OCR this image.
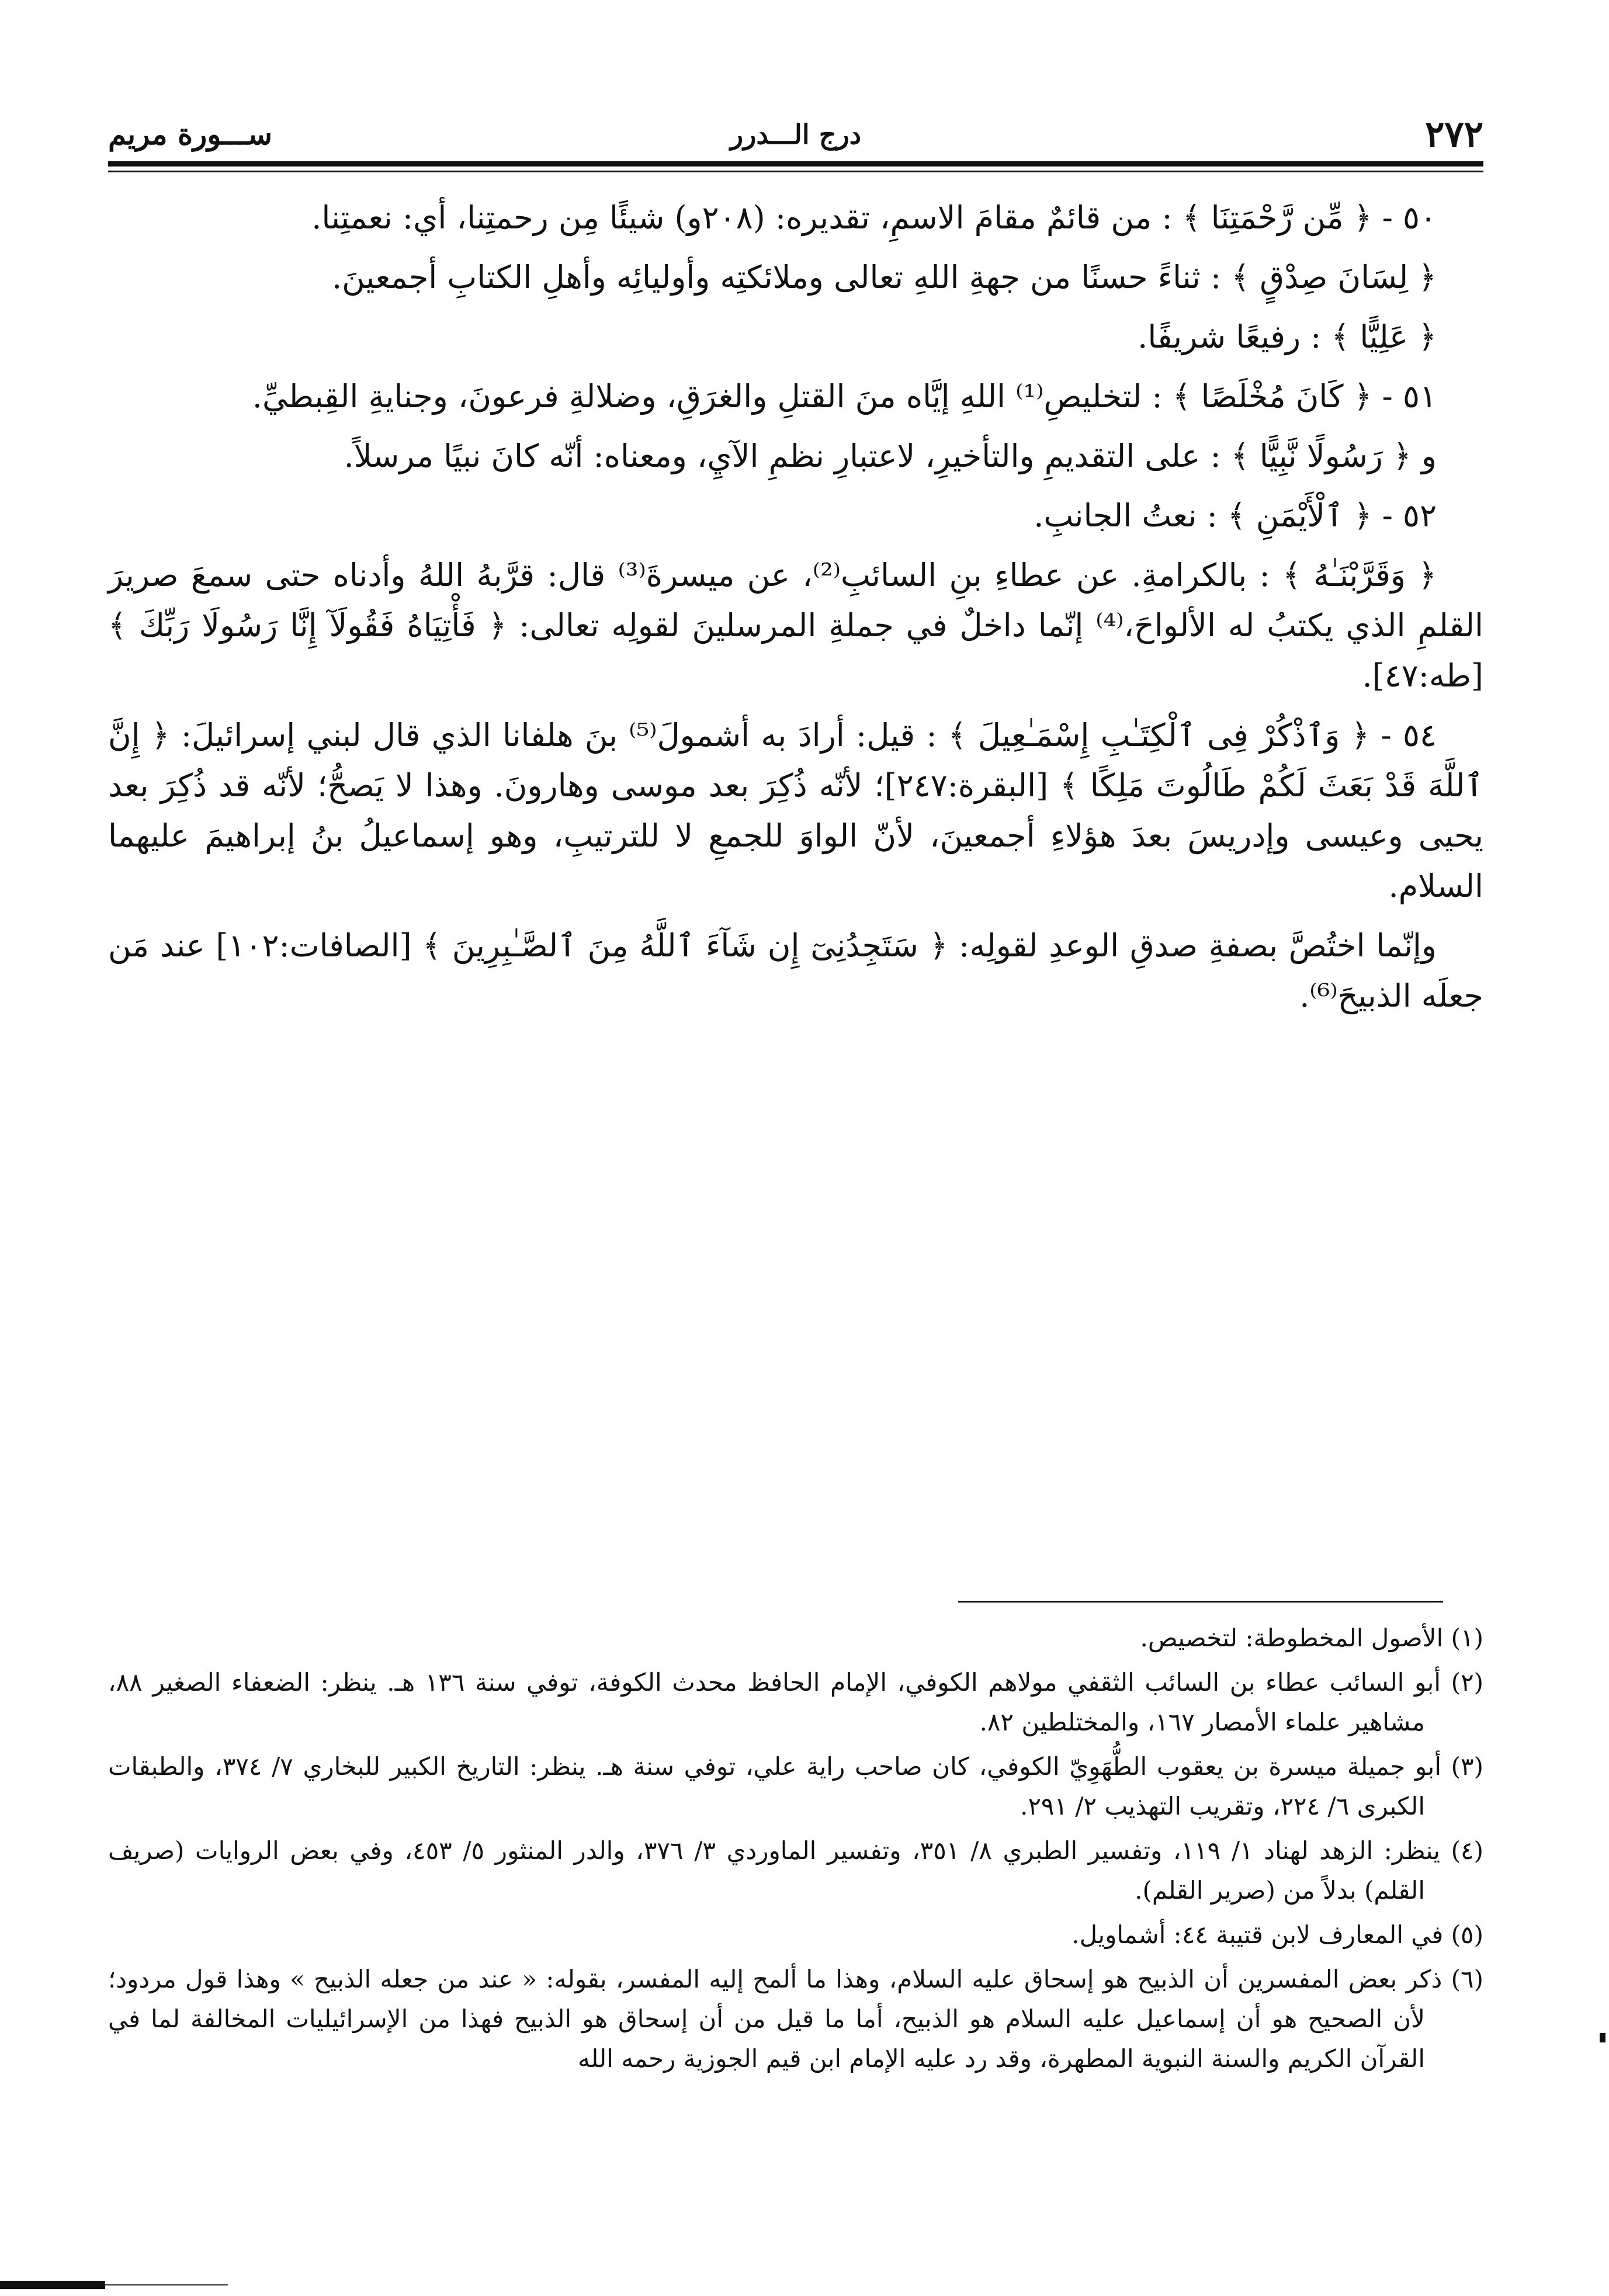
٢٧٢
درج الـــدرر
ســـورة مريم

٥٠ - ﴿ مِّن رَّحْمَتِنَا ﴾ : من قائمٌ مقامَ الاسمِ، تقديره: (٢٠٨و) شيئًا مِن رحمتِنا، أي: نعمتِنا.

﴿ لِسَانَ صِدْقٍ ﴾ : ثناءً حسنًا من جهةِ اللهِ تعالى وملائكتِه وأوليائِه وأهلِ الكتابِ أجمعينَ.

﴿ عَلِيًّا ﴾ : رفيعًا شريفًا.

٥١ - ﴿ كَانَ مُخْلَصًا ﴾ : لتخليصِ⁽¹⁾ اللهِ إيَّاه منَ القتلِ والغرَقِ، وضلالةِ فرعونَ، وجنايةِ القِبطيِّ.

و ﴿ رَسُولًا نَّبِيًّا ﴾ : على التقديمِ والتأخيرِ، لاعتبارِ نظمِ الآيِ، ومعناه: أنّه كانَ نبيًا مرسلاً.

٥٢ - ﴿ ٱلْأَيْمَنِ ﴾ : نعتُ الجانبِ.

﴿ وَقَرَّبْنَـٰهُ ﴾ : بالكرامةِ. عن عطاءِ بنِ السائبِ⁽²⁾، عن ميسرةَ⁽³⁾ قال: قرَّبهُ اللهُ وأدناه حتى سمعَ صريرَ القلمِ الذي يكتبُ له الألواحَ،⁽⁴⁾ إنّما داخلٌ في جملةِ المرسلينَ لقولِه تعالى: ﴿ فَأْتِيَاهُ فَقُولَآ إِنَّا رَسُولَا رَبِّكَ ﴾ [طه:٤٧].

٥٤ - ﴿ وَٱذْكُرْ فِى ٱلْكِتَـٰبِ إِسْمَـٰعِيلَ ﴾ : قيل: أرادَ به أشمولَ⁽⁵⁾ بنَ هلفانا الذي قال لبني إسرائيلَ: ﴿ إِنَّ ٱللَّهَ قَدْ بَعَثَ لَكُمْ طَالُوتَ مَلِكًا ﴾ [البقرة:٢٤٧]؛ لأنّه ذُكِرَ بعد موسى وهارونَ. وهذا لا يَصحُّ؛ لأنّه قد ذُكِرَ بعد يحيى وعيسى وإدريسَ بعدَ هؤلاءِ أجمعينَ، لأنّ الواوَ للجمعِ لا للترتيبِ، وهو إسماعيلُ بنُ إبراهيمَ عليهما السلام.

وإنّما اختُصَّ بصفةِ صدقِ الوعدِ لقولِه: ﴿ سَتَجِدُنِىٓ إِن شَآءَ ٱللَّهُ مِنَ ٱلصَّـٰبِرِينَ ﴾ [الصافات:١٠٢] عند مَن جعلَه الذبيحَ⁽⁶⁾.

(١) الأصول المخطوطة: لتخصيص.

(٢) أبو السائب عطاء بن السائب الثقفي مولاهم الكوفي، الإمام الحافظ محدث الكوفة، توفي سنة ١٣٦ هـ. ينظر: الضعفاء الصغير ٨٨، مشاهير علماء الأمصار ١٦٧، والمختلطين ٨٢.

(٣) أبو جميلة ميسرة بن يعقوب الطُّهَوِيّ الكوفي، كان صاحب راية علي، توفي سنة هـ. ينظر: التاريخ الكبير للبخاري ٧/ ٣٧٤، والطبقات الكبرى ٦/ ٢٢٤، وتقريب التهذيب ٢/ ٢٩١.

(٤) ينظر: الزهد لهناد ١/ ١١٩، وتفسير الطبري ٨/ ٣٥١، وتفسير الماوردي ٣/ ٣٧٦، والدر المنثور ٥/ ٤٥٣، وفي بعض الروايات (صريف القلم) بدلاً من (صرير القلم).

(٥) في المعارف لابن قتيبة ٤٤: أشماويل.

(٦) ذكر بعض المفسرين أن الذبيح هو إسحاق عليه السلام، وهذا ما ألمح إليه المفسر، بقوله: « عند من جعله الذبيح » وهذا قول مردود؛ لأن الصحيح هو أن إسماعيل عليه السلام هو الذبيح، أما ما قيل من أن إسحاق هو الذبيح فهذا من الإسرائيليات المخالفة لما في القرآن الكريم والسنة النبوية المطهرة، وقد رد عليه الإمام ابن قيم الجوزية رحمه الله
